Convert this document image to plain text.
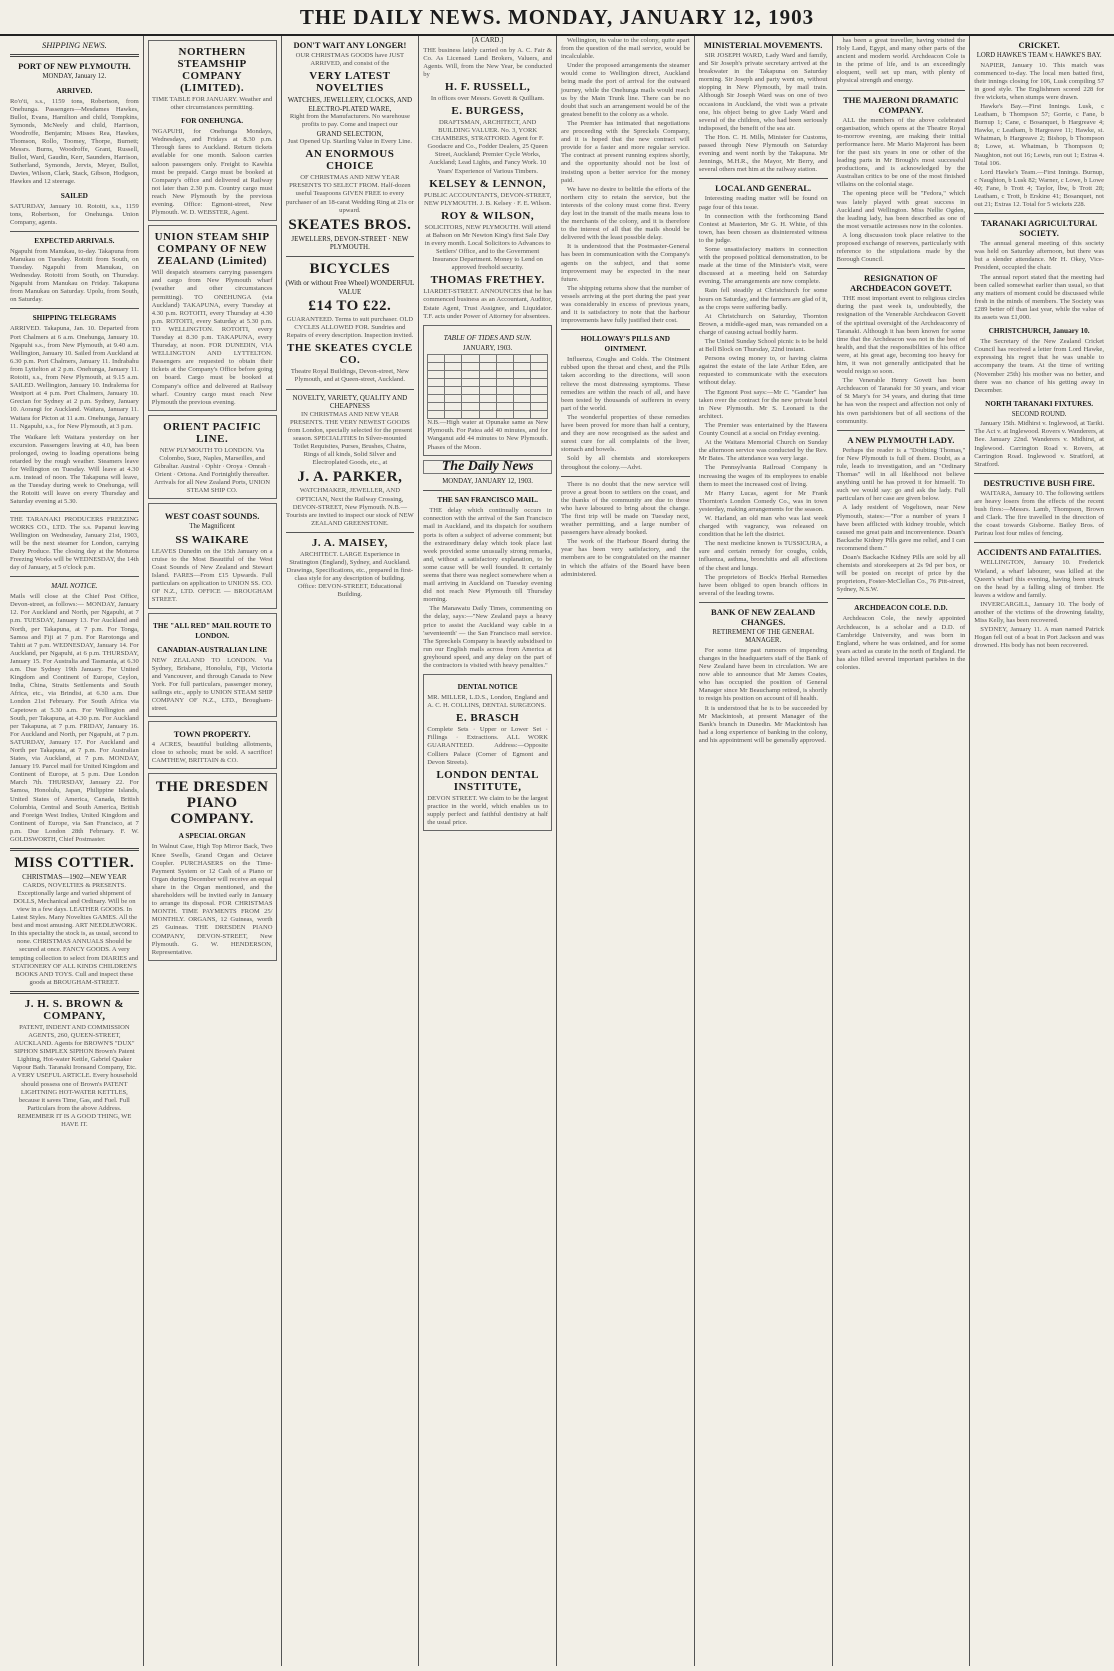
THE DAILY NEWS. MONDAY, JANUARY 12, 1903
SHIPPING NEWS.
PORT OF NEW PLYMOUTH.
MONDAY, January 12.
ARRIVED.
Ro'o'ti, s.s., 1159 tons, Robertson, from Onehunga. Passengers—Mesdames Hawkes, Bullot, Evans, Hamilton and child, Tompkins, Symonds, McNeely and child, Harrison, Woodroffe, Benjamin; Misses Rea, Hawkes, Thomson, Rollo, Toomey, Thorpe, Burnett; Messrs. Burns, Woodroffe, Grant, Russell, Bullot, Ward, Gaudin, Kerr, Saunders, Harrison, Sutherland, Symonds, Jervis, Meyer, Bullot, Davies, Wilson, Clark, Stack, Gibson, Hodgson, Hawkes and 12 steerage.
SAILED
SATURDAY, January 10. Rotoiti, s.s., 1159 tons, Robertson, for Onehunga. Union Company, agents.
EXPECTED ARRIVALS.
Ngapuhi from Manukau, to-day. Takapuna from Manukau on Tuesday. Rotoiti from South, on Tuesday. Ngapuhi from Manukau, on Wednesday. Rotoiti from South, on Thursday. Ngapuhi from Manukau on Friday. Takapuna from Manukau on Saturday. Upolu, from South, on Saturday.
SHIPPING TELEGRAMS
ARRIVED. Takapuna, Jan. 10. Departed from Port Chalmers at 6 a.m. Onehunga, January 10. Ngapuhi s.s., from New Plymouth, at 9.40 a.m. Wellington, January 10. Sailed from Auckland at 6.30 p.m. Port Chalmers, January 11. Indrabahu from Lyttelton at 2 p.m. Onehunga, January 11. Rotoiti, s.s., from New Plymouth, at 9.15 a.m. SAILED. Wellington, January 10. Indralema for Westport at 4 p.m. Port Chalmers, January 10. Grecian for Sydney at 2 p.m. Sydney, January 10. Aorangi for Auckland. Waitara, January 11. Waitara for Picton at 11 a.m. Onehunga, January 11. Ngapuhi, s.s., for New Plymouth, at 3 p.m.
The Waikare left Waitara yesterday on her excursion. Passengers leaving at 4.0, has been prolonged, owing to loading operations being retarded by the rough weather. Steamers leave for Wellington on Tuesday. Will leave at 4.30 a.m. instead of noon. The Takapuna will leave, as the Tuesday during week to Onehunga, will the Rotoiti will leave on every Thursday and Saturday evening at 5.30.
THE TARANAKI PRODUCERS FREEZING WORKS CO., LTD. The s.s. Papanui leaving Wellington on Wednesday, January 21st, 1903, will be the next steamer for London, carrying Dairy Produce. The closing day at the Moturoa Freezing Works will be WEDNESDAY, the 14th day of January, at 5 o'clock p.m.
MAIL NOTICE.
Mails will close at the Chief Post Office, Devon-street, as follows:— MONDAY, January 12. For Auckland and North, per Ngapuhi, at 7 p.m. TUESDAY, January 13. For Auckland and North, per Takapuna, at 7 p.m. For Tonga, Samoa and Fiji at 7 p.m. For Rarotonga and Tahiti at 7 p.m. WEDNESDAY, January 14. For Auckland, per Ngapuhi, at 6 p.m. THURSDAY, January 15. For Australia and Tasmania, at 6.30 a.m. Due Sydney 19th January. For United Kingdom and Continent of Europe, Ceylon, India, China, Straits Settlements and South Africa, etc., via Brindisi, at 6.30 a.m. Due London 21st February. For South Africa via Capetown at 5.30 a.m. For Wellington and South, per Takapuna, at 4.30 p.m. For Auckland per Takapuna, at 7 p.m. FRIDAY, January 16. For Auckland and North, per Ngapuhi, at 7 p.m. SATURDAY, January 17. For Auckland and North per Takapuna, at 7 p.m. For Australian States, via Auckland, at 7 p.m. MONDAY, January 19. Parcel mail for United Kingdom and Continent of Europe, at 5 p.m. Due London March 7th. THURSDAY, January 22. For Samoa, Honolulu, Japan, Philippine Islands, United States of America, Canada, British Columbia, Central and South America, British and Foreign West Indies, United Kingdom and Continent of Europe, via San Francisco, at 7 p.m. Due London 28th February. F. W. GOLDSWORTH, Chief Postmaster.
MISS COTTIER.
CHRISTMAS—1902—NEW YEAR
CARDS, NOVELTIES & PRESENTS. Exceptionally large and varied shipment of DOLLS, Mechanical and Ordinary. Will be on view in a few days. LEATHER GOODS. In Latest Styles. Many Novelties GAMES. All the best and most amusing. ART NEEDLEWORK. In this speciality the stock is, as usual, second to none. CHRISTMAS ANNUALS Should be secured at once. FANCY GOODS. A very tempting collection to select from DIARIES and STATIONERY OF ALL KINDS CHILDREN'S BOOKS AND TOYS. Cull and inspect these goods at BROUGHAM-STREET.
J. H. S. BROWN & COMPANY,
PATENT, INDENT AND COMMISSION AGENTS, 260, QUEEN-STREET, AUCKLAND. Agents for BROWN'S "DUX" SIPHON SIMPLEX SIPHON Brown's Patent Lighting, Hot-water Kettle, Gabriel Quaker Vapour Bath. Taranaki Ironsand Company, Etc. A VERY USEFUL ARTICLE. Every household should possess one of Brown's PATENT LIGHTNING HOT-WATER KETTLES, because it saves Time, Gas, and Fuel. Full Particulars from the above Address. REMEMBER IT IS A GOOD THING, WE HAVE IT.
NORTHERN STEAMSHIP COMPANY (LIMITED).
TIME TABLE FOR JANUARY. Weather and other circumstances permitting.
FOR ONEHUNGA.
'NGAPUHI, for Onehunga Mondays, Wednesdays, and Fridays at 8.30 p.m. Through fares to Auckland. Return tickets available for one month. Saloon carries saloon passengers only. Freight to Kawhia must be prepaid. Cargo must be booked at Company's office and delivered at Railway not later than 2.30 p.m. Country cargo must reach New Plymouth by the previous evening. Office: Egmont-street, New Plymouth. W. D. WEBSTER, Agent.
UNION STEAM SHIP COMPANY OF NEW ZEALAND (Limited)
Will despatch steamers carrying passengers and cargo from New Plymouth wharf (weather and other circumstances permitting). TO ONEHUNGA (via Auckland) TAKAPUNA, every Tuesday at 4.30 p.m. ROTOITI, every Thursday at 4.30 p.m. ROTOITI, every Saturday at 5.30 p.m. TO WELLINGTON. ROTOITI, every Tuesday at 8.30 p.m. TAKAPUNA, every Thursday, at noon. FOR DUNEDIN, VIA WELLINGTON AND LYTTELTON. Passengers are requested to obtain their tickets at the Company's Office before going on board. Cargo must be booked at Company's office and delivered at Railway wharf. Country cargo must reach New Plymouth the previous evening.
ORIENT PACIFIC LINE.
NEW PLYMOUTH TO LONDON. Via Colombo, Suez, Naples, Marseilles, and Gibraltar. Austral · Ophir · Oroya · Omrah · Orient · Ortona. And Fortnightly thereafter. Arrivals for all New Zealand Ports, UNION STEAM SHIP CO.
WEST COAST SOUNDS.
The Magnificent
SS WAIKARE
LEAVES Dunedin on the 15th January on a cruise to the Most Beautiful of the West Coast Sounds of New Zealand and Stewart Island. FARES—From £15 Upwards. Full particulars on application to UNION SS. CO. OF N.Z., LTD. OFFICE — BROUGHAM STREET.
THE "ALL RED" MAIL ROUTE TO LONDON.
CANADIAN-AUSTRALIAN LINE
NEW ZEALAND TO LONDON. Via Sydney, Brisbane, Honolulu, Fiji, Victoria and Vancouver, and through Canada to New York. For full particulars, passenger money, sailings etc., apply to UNION STEAM SHIP COMPANY OF N.Z., LTD., Brougham-street.
TOWN PROPERTY.
4 ACRES, beautiful building allotments, close to schools; must be sold. A sacrifice! CAMTHEW, BRITTAIN & CO.
THE DRESDEN PIANO COMPANY.
A SPECIAL ORGAN
In Walnut Case, High Top Mirror Back, Two Knee Swells, Grand Organ and Octave Coupler. PURCHASERS on the Time-Payment System or 12 Cash of a Piano or Organ during December will receive an equal share in the Organ mentioned, and the shareholders will be invited early in January to arrange its disposal. FOR CHRISTMAS MONTH. TIME PAYMENTS FROM 25/ MONTHLY. ORGANS, 12 Guineas, worth 25 Guineas. THE DRESDEN PIANO COMPANY, DEVON-STREET, New Plymouth. G. W. HENDERSON, Representative.
DON'T WAIT ANY LONGER!
OUR CHRISTMAS GOODS have JUST ARRIVED, and consist of the
VERY LATEST NOVELTIES
WATCHES, JEWELLERY, CLOCKS, AND ELECTRO-PLATED WARE,
Right from the Manufacturers. No warehouse profits to pay. Come and inspect our
GRAND SELECTION,
Just Opened Up. Startling Value in Every Line.
AN ENORMOUS CHOICE
OF CHRISTMAS AND NEW YEAR PRESENTS TO SELECT FROM. Half-dozen useful Teaspoons GIVEN FREE to every purchaser of an 18-carat Wedding Ring at 21s or upward.
SKEATES BROS.
JEWELLERS, DEVON-STREET · NEW PLYMOUTH.
BICYCLES
(With or without Free Wheel) WONDERFUL VALUE
£14 TO £22.
GUARANTEED. Terms to suit purchaser. OLD CYCLES ALLOWED FOR. Sundries and Repairs of every description. Inspection invited.
THE SKEATES CYCLE CO.
Theatre Royal Buildings, Devon-street, New Plymouth, and at Queen-street, Auckland.
NOVELTY, VARIETY, QUALITY AND CHEAPNESS
IN CHRISTMAS AND NEW YEAR PRESENTS. THE VERY NEWEST GOODS from London, specially selected for the present season. SPECIALITIES In Silver-mounted Toilet Requisites, Purses, Brushes, Chains, Rings of all kinds, Solid Silver and Electroplated Goods, etc., at
J. A. PARKER,
WATCHMAKER, JEWELLER, AND OPTICIAN, Next the Railway Crossing, DEVON-STREET, New Plymouth. N.B.—Tourists are invited to inspect our stock of NEW ZEALAND GREENSTONE.
J. A. MAISEY,
ARCHITECT. LARGE Experience in Stratington (England), Sydney, and Auckland. Drawings, Specifications, etc., prepared in first-class style for any description of building. Office: DEVON-STREET, Educational Building.
[A CARD.]
THE business lately carried on by A. C. Fair & Co. As Licensed Land Brokers, Valuers, and Agents. Will, from the New Year, be conducted by
H. F. RUSSELL,
In offices over Messrs. Govett & Quilliam.
E. BURGESS,
DRAFTSMAN, ARCHITECT, AND BUILDING VALUER. No. 3, YORK CHAMBERS, STRATFORD. Agent for F. Goodacre and Co., Fodder Dealers, 25 Queen Street, Auckland; Premier Cycle Works, Auckland; Lead Lights, and Fancy Work. 10 Years' Experience of Various Timbers.
KELSEY & LENNON,
PUBLIC ACCOUNTANTS, DEVON-STREET, NEW PLYMOUTH. J. B. Kelsey · F. E. Wilson.
ROY & WILSON,
SOLICITORS, NEW PLYMOUTH. Will attend at Bahson on Mr Newton King's first Sale Day in every month. Local Solicitors to Advances to Settlers' Office, and to the Government Insurance Department. Money to Lend on approved freehold security.
THOMAS FRETHEY.
LIARDET-STREET. ANNOUNCES that he has commenced business as an Accountant, Auditor, Estate Agent, Trust Assignee, and Liquidator. T.F. acts under Power of Attorney for absentees.
TABLE OF TIDES AND SUN.
JANUARY, 1903.

N.B.—High water at Opunake same as New Plymouth. For Patea add 40 minutes, and for Wanganui add 44 minutes to New Plymouth. Phases of the Moon.
The Daily News
MONDAY, JANUARY 12, 1903.
THE SAN FRANCISCO MAIL.
THE delay which continually occurs in connection with the arrival of the San Francisco mail in Auckland, and its dispatch for southern ports is often a subject of adverse comment; but the extraordinary delay which took place last week provided some unusually strong remarks, and, without a satisfactory explanation, to be some cause will be well founded. It certainly seems that there was neglect somewhere when a mail arriving in Auckland on Tuesday evening did not reach New Plymouth till Thursday morning.
The Manawatu Daily Times, commenting on the delay, says:—"New Zealand pays a heavy price to assist the Auckland way cable in a 'seventeenth' — the San Francisco mail service. The Spreckels Company is heavily subsidised to run our English mails across from America at greyhound speed, and any delay on the part of the contractors is visited with heavy penalties."
DENTAL NOTICE
MR. MILLER, L.D.S., London, England and A. C. H. COLLINS, DENTAL SURGEONS.
E. BRASCH
Complete Sets · Upper or Lower Set · Fillings · Extractions. ALL WORK GUARANTEED. Address:—Opposite Colliers Palace (Corner of Egmont and Devon Streets).
LONDON DENTAL INSTITUTE,
DEVON STREET. We claim to be the largest practice in the world, which enables us to supply perfect and faithful dentistry at half the usual price.
Wellington, its value to the colony, quite apart from the question of the mail service, would be incalculable.
Under the proposed arrangements the steamer would come to Wellington direct, Auckland being made the port of arrival for the outward journey, while the Onehunga mails would reach us by the Main Trunk line. There can be no doubt that such an arrangement would be of the greatest benefit to the colony as a whole.
The Premier has intimated that negotiations are proceeding with the Spreckels Company, and it is hoped that the new contract will provide for a faster and more regular service. The contract at present running expires shortly, and the opportunity should not be lost of insisting upon a better service for the money paid.
We have no desire to belittle the efforts of the northern city to retain the service, but the interests of the colony must come first. Every day lost in the transit of the mails means loss to the merchants of the colony, and it is therefore to the interest of all that the mails should be delivered with the least possible delay.
It is understood that the Postmaster-General has been in communication with the Company's agents on the subject, and that some improvement may be expected in the near future.
The shipping returns show that the number of vessels arriving at the port during the past year was considerably in excess of previous years, and it is satisfactory to note that the harbour improvements have fully justified their cost.
HOLLOWAY'S PILLS AND OINTMENT.
Influenza, Coughs and Colds. The Ointment rubbed upon the throat and chest, and the Pills taken according to the directions, will soon relieve the most distressing symptoms. These remedies are within the reach of all, and have been tested by thousands of sufferers in every part of the world.
The wonderful properties of these remedies have been proved for more than half a century, and they are now recognised as the safest and surest cure for all complaints of the liver, stomach and bowels.
Sold by all chemists and storekeepers throughout the colony.—Advt.
There is no doubt that the new service will prove a great boon to settlers on the coast, and the thanks of the community are due to those who have laboured to bring about the change. The first trip will be made on Tuesday next, weather permitting, and a large number of passengers have already booked.
The work of the Harbour Board during the year has been very satisfactory, and the members are to be congratulated on the manner in which the affairs of the Board have been administered.
MINISTERIAL MOVEMENTS.
SIR JOSEPH WARD, Lady Ward and family, and Sir Joseph's private secretary arrived at the breakwater in the Takapuna on Saturday morning. Sir Joseph and party went on, without stopping in New Plymouth, by mail train. Although Sir Joseph Ward was on one of two occasions in Auckland, the visit was a private one, his object being to give Lady Ward and several of the children, who had been seriously indisposed, the benefit of the sea air.
The Hon. C. H. Mills, Minister for Customs, passed through New Plymouth on Saturday evening and went north by the Takapuna. Mr Jennings, M.H.R., the Mayor, Mr Berry, and several others met him at the railway station.
LOCAL AND GENERAL.
Interesting reading matter will be found on page four of this issue.
In connection with the forthcoming Band Contest at Masterton, Mr G. H. White, of this town, has been chosen as disinterested witness to the judge.
Some unsatisfactory matters in connection with the proposed political demonstration, to be made at the time of the Minister's visit, were discussed at a meeting held on Saturday evening. The arrangements are now complete.
Rain fell steadily at Christchurch for some hours on Saturday, and the farmers are glad of it, as the crops were suffering badly.
At Christchurch on Saturday, Thornton Brown, a middle-aged man, was remanded on a charge of causing actual bodily harm.
The United Sunday School picnic is to be held at Bell Block on Thursday, 22nd instant.
Persons owing money to, or having claims against the estate of the late Arthur Eden, are requested to communicate with the executors without delay.
The Egmont Post says:—Mr C. "Gander" has taken over the contract for the new private hotel in New Plymouth. Mr S. Leonard is the architect.
The Premier was entertained by the Hawera County Council at a social on Friday evening.
At the Waitara Memorial Church on Sunday the afternoon service was conducted by the Rev. Mr Bates. The attendance was very large.
The Pennsylvania Railroad Company is increasing the wages of its employees to enable them to meet the increased cost of living.
Mr Harry Lucas, agent for Mr Frank Thornton's London Comedy Co., was in town yesterday, making arrangements for the season.
W. Harland, an old man who was last week charged with vagrancy, was released on condition that he left the district.
The next medicine known is TUSSICURA, a sure and certain remedy for coughs, colds, influenza, asthma, bronchitis and all affections of the chest and lungs.
The proprietors of Bock's Herbal Remedies have been obliged to open branch offices in several of the leading towns.
BANK OF NEW ZEALAND CHANGES.
RETIREMENT OF THE GENERAL MANAGER.
For some time past rumours of impending changes in the headquarters staff of the Bank of New Zealand have been in circulation. We are now able to announce that Mr James Coates, who has occupied the position of General Manager since Mr Beauchamp retired, is shortly to resign his position on account of ill health.
It is understood that he is to be succeeded by Mr Mackintosh, at present Manager of the Bank's branch in Dunedin. Mr Mackintosh has had a long experience of banking in the colony, and his appointment will be generally approved.
has been a great traveller, having visited the Holy Land, Egypt, and many other parts of the ancient and modern world. Archdeacon Cole is in the prime of life, and is an exceedingly eloquent, well set up man, with plenty of physical strength and energy.
THE MAJERONI DRAMATIC COMPANY.
ALL the members of the above celebrated organisation, which opens at the Theatre Royal to-morrow evening, are making their initial performance here. Mr Mario Majeroni has been for the past six years in one or other of the leading parts in Mr Brough's most successful productions, and is acknowledged by the Australian critics to be one of the most finished villains on the colonial stage.
The opening piece will be "Fedora," which was lately played with great success in Auckland and Wellington. Miss Nellie Ogden, the leading lady, has been described as one of the most versatile actresses now in the colonies.
A long discussion took place relative to the proposed exchange of reserves, particularly with reference to the stipulations made by the Borough Council.
RESIGNATION OF ARCHDEACON GOVETT.
THE most important event to religious circles during the past week is, undoubtedly, the resignation of the Venerable Archdeacon Govett of the spiritual oversight of the Archdeaconry of Taranaki. Although it has been known for some time that the Archdeacon was not in the best of health, and that the responsibilities of his office were, at his great age, becoming too heavy for him, it was not generally anticipated that he would resign so soon.
The Venerable Henry Govett has been Archdeacon of Taranaki for 30 years, and vicar of St Mary's for 34 years, and during that time he has won the respect and affection not only of his own parishioners but of all sections of the community.
A NEW PLYMOUTH LADY.
Perhaps the reader is a "Doubting Thomas," for New Plymouth is full of them. Doubt, as a rule, leads to investigation, and an "Ordinary Thomas" will in all likelihood not believe anything until he has proved it for himself. To such we would say: go and ask the lady. Full particulars of her case are given below.
A lady resident of Vogeltown, near New Plymouth, states:—"For a number of years I have been afflicted with kidney trouble, which caused me great pain and inconvenience. Doan's Backache Kidney Pills gave me relief, and I can recommend them."
Doan's Backache Kidney Pills are sold by all chemists and storekeepers at 2s 9d per box, or will be posted on receipt of price by the proprietors, Foster-McClellan Co., 76 Pitt-street, Sydney, N.S.W.
ARCHDEACON COLE. D.D.
Archdeacon Cole, the newly appointed Archdeacon, is a scholar and a D.D. of Cambridge University, and was born in England, where he was ordained, and for some years acted as curate in the north of England. He has also filled several important parishes in the colonies.
CRICKET.
LORD HAWKE'S TEAM v. HAWKE'S BAY.
NAPIER, January 10. This match was commenced to-day. The local men batted first, their innings closing for 106, Lusk compiling 57 in good style. The Englishmen scored 228 for five wickets, when stumps were drawn.
Hawke's Bay.—First Innings. Lusk, c Leatham, b Thompson 57; Gorrie, c Fane, b Burnup 1; Cane, c Bosanquet, b Hargreave 4; Hawke, c Leatham, b Hargreave 11; Hawke, st. Whatman, b Hargreave 2; Bishop, b Thompson 8; Lowe, st. Whatman, b Thompson 0; Naughton, not out 16; Lewis, run out 1; Extras 4. Total 106.
Lord Hawke's Team.—First Innings. Burnup, c Naughton, b Lusk 82; Warner, c Lowe, b Lowe 40; Fane, b Trott 4; Taylor, lbw, b Trott 28; Leatham, c Trott, b Erskine 41; Bosanquet, not out 21; Extras 12. Total for 5 wickets 228.
TARANAKI AGRICULTURAL SOCIETY.
The annual general meeting of this society was held on Saturday afternoon, but there was but a slender attendance. Mr H. Okey, Vice-President, occupied the chair.
The annual report stated that the meeting had been called somewhat earlier than usual, so that any matters of moment could be discussed while fresh in the minds of members. The Society was £289 better off than last year, while the value of its assets was £1,000.
CHRISTCHURCH, January 10.
The Secretary of the New Zealand Cricket Council has received a letter from Lord Hawke, expressing his regret that he was unable to accompany the team. At the time of writing (November 25th) his mother was no better, and there was no chance of his getting away in December.
NORTH TARANAKI FIXTURES.
SECOND ROUND.
January 15th. Midhirst v. Inglewood, at Tariki. The Act v. at Inglewood. Rovers v. Wanderers, at Bee. January 22nd. Wanderers v. Midhirst, at Inglewood. Carrington Road v. Rovers, at Carrington Road. Inglewood v. Stratford, at Stratford.
DESTRUCTIVE BUSH FIRE.
WAITARA, January 10. The following settlers are heavy losers from the effects of the recent bush fires:—Messrs. Lamb, Thompson, Brown and Clark. The fire travelled in the direction of the coast towards Gisborne. Bailey Bros. of Parirau lost four miles of fencing.
ACCIDENTS AND FATALITIES.
WELLINGTON, January 10. Frederick Wieland, a wharf labourer, was killed at the Queen's wharf this evening, having been struck on the head by a falling sling of timber. He leaves a widow and family.
INVERCARGILL, January 10. The body of another of the victims of the drowning fatality, Miss Kelly, has been recovered.
SYDNEY, January 11. A man named Patrick Hogan fell out of a boat in Port Jackson and was drowned. His body has not been recovered.
